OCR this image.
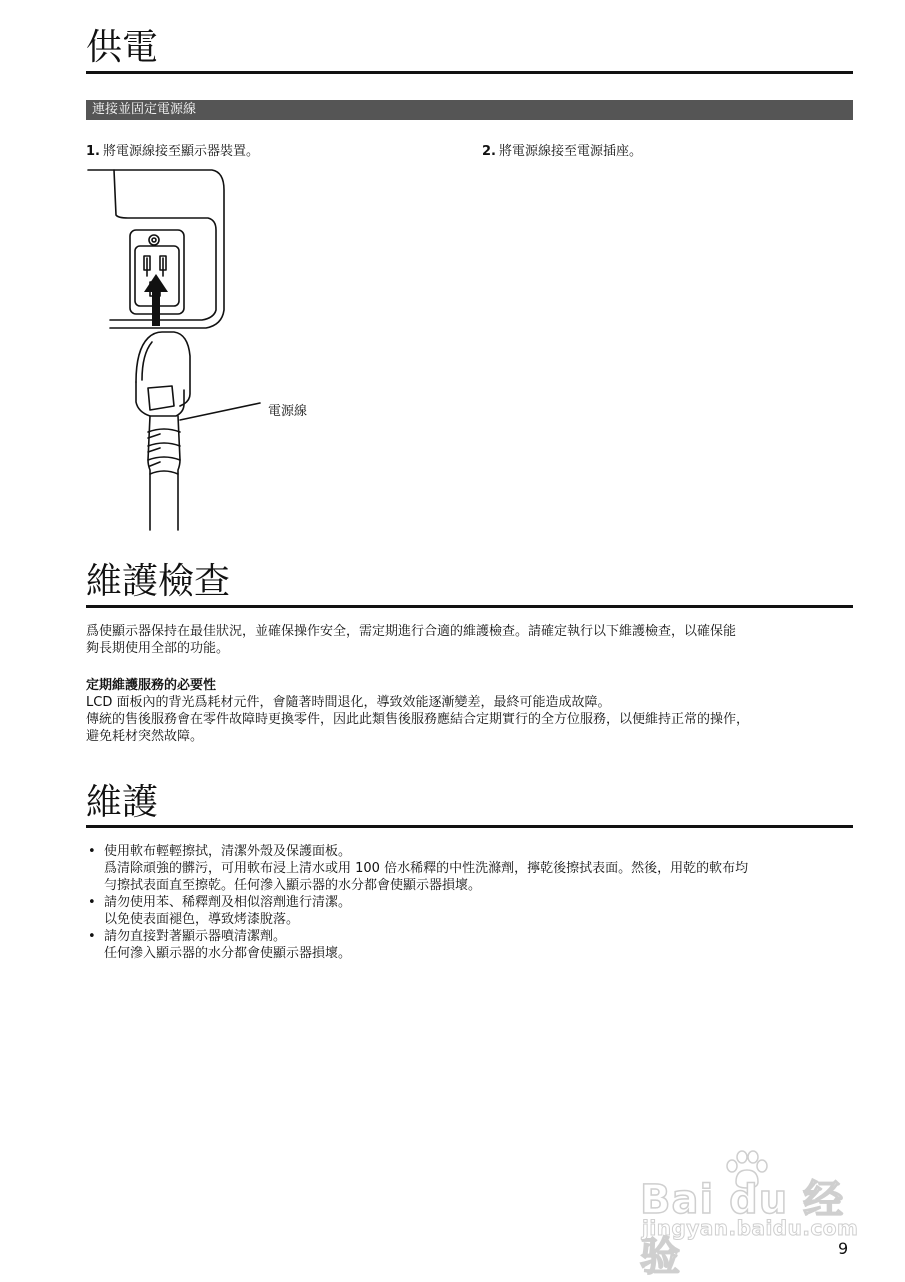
供電
連接並固定電源線
1. 將電源線接至顯示器裝置。	2. 將電源線接至電源插座。
電源線
維護檢查

爲使顯示器保持在最佳狀況，並確保操作安全，需定期進行合適的維護檢查。請確定執行以下維護檢查，以確保能

夠長期使用全部的功能。

定期維護服務的必要性

LCD 面板內的背光爲耗材元件，會隨著時間退化，導致效能逐漸變差，最終可能造成故障。

傳統的售後服務會在零件故障時更換零件，因此此類售後服務應結合定期實行的全方位服務，以便維持正常的操作，

避免耗材突然故障。

維護

• 使用軟布輕輕擦拭，清潔外殼及保護面板。

爲清除頑強的髒污，可用軟布浸上清水或用 100 倍水稀釋的中性洗滌劑，擰乾後擦拭表面。然後，用乾的軟布均

勻擦拭表面直至擦乾。任何滲入顯示器的水分都會使顯示器損壞。

• 請勿使用苯、稀釋劑及相似溶劑進行清潔。

以免使表面褪色，導致烤漆脫落。

• 請勿直接對著顯示器噴清潔劑。

任何滲入顯示器的水分都會使顯示器損壞。

Bai du 经验
jingyan.baidu.com
9
